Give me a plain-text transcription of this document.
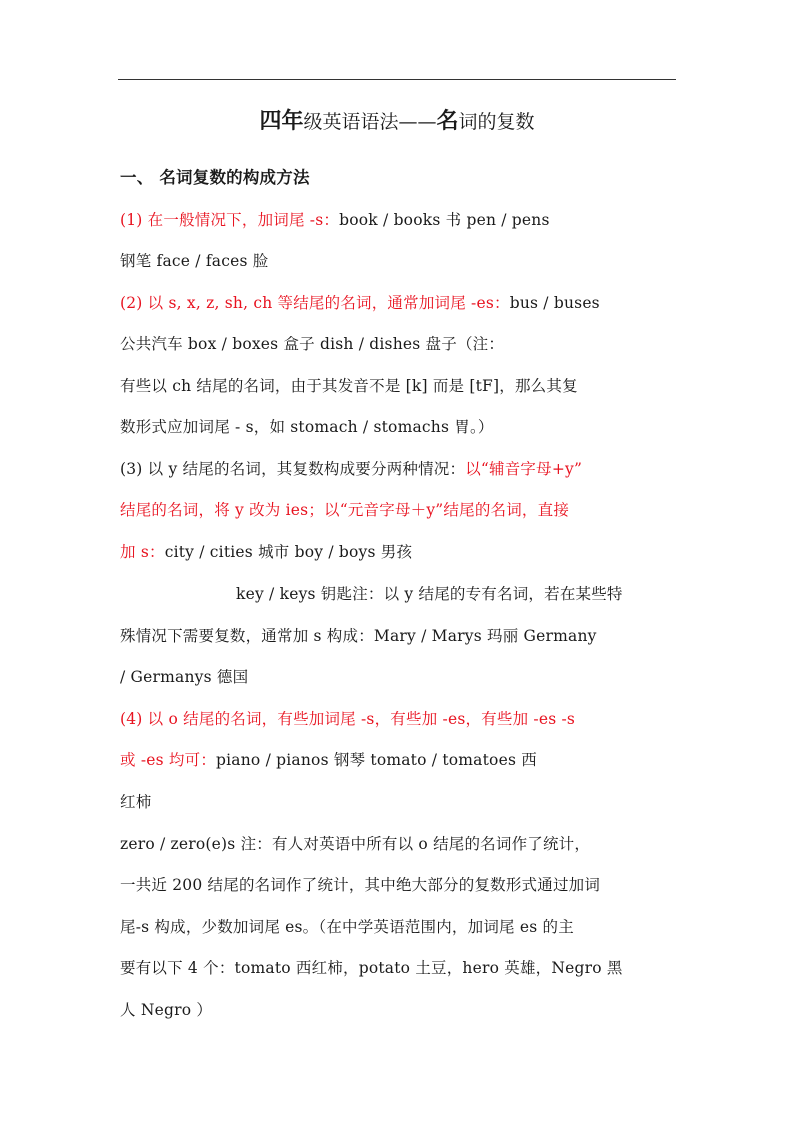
四年级英语语法——名词的复数
一、 名词复数的构成方法
(1) 在一般情况下，加词尾 -s：book / books 书 pen / pens
钢笔 face / faces 脸
(2) 以 s, x, z, sh, ch 等结尾的名词，通常加词尾 -es：bus / buses
公共汽车 box / boxes 盒子 dish / dishes 盘子（注：
有些以 ch 结尾的名词，由于其发音不是 [k] 而是 [tF]，那么其复
数形式应加词尾 - s，如 stomach / stomachs 胃。）
(3) 以 y 结尾的名词，其复数构成要分两种情况：以“辅音字母+y”
结尾的名词，将 y 改为 ies；以“元音字母＋y”结尾的名词，直接
加 s：city / cities 城市 boy / boys 男孩
key / keys 钥匙注：以 y 结尾的专有名词，若在某些特
殊情况下需要复数，通常加 s 构成：Mary / Marys 玛丽 Germany
/ Germanys 德国
(4) 以 o 结尾的名词，有些加词尾 -s，有些加 -es，有些加 -es -s
或 -es 均可：piano / pianos 钢琴 tomato / tomatoes 西
红柿
zero / zero(e)s 注：有人对英语中所有以 o 结尾的名词作了统计，
一共近 200 结尾的名词作了统计，其中绝大部分的复数形式通过加词
尾-s 构成，少数加词尾 es。（在中学英语范围内，加词尾 es 的主
要有以下 4 个：tomato 西红柿，potato 土豆，hero 英雄，Negro 黑
人 Negro ）
